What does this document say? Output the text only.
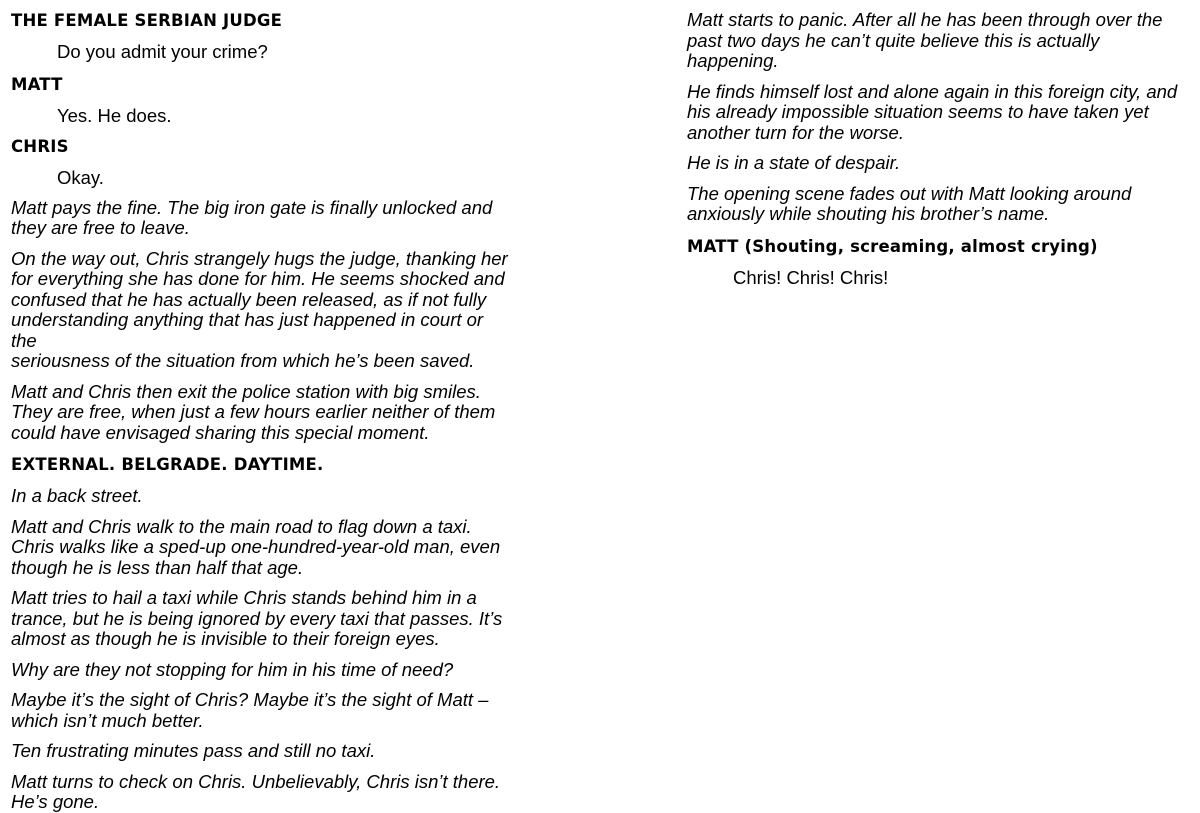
THE FEMALE SERBIAN JUDGE
Do you admit your crime?
MATT
Yes. He does.
CHRIS
Okay.
Matt pays the fine. The big iron gate is finally unlocked and
they are free to leave.
On the way out, Chris strangely hugs the judge, thanking her
for everything she has done for him. He seems shocked and
confused that he has actually been released, as if not fully
understanding anything that has just happened in court or the
seriousness of the situation from which he’s been saved.
Matt and Chris then exit the police station with big smiles.
They are free, when just a few hours earlier neither of them
could have envisaged sharing this special moment.
EXTERNAL. BELGRADE. DAYTIME.
In a back street.
Matt and Chris walk to the main road to flag down a taxi.
Chris walks like a sped-up one-hundred-year-old man, even
though he is less than half that age.
Matt tries to hail a taxi while Chris stands behind him in a
trance, but he is being ignored by every taxi that passes. It’s
almost as though he is invisible to their foreign eyes.
Why are they not stopping for him in his time of need?
Maybe it’s the sight of Chris? Maybe it’s the sight of Matt –
which isn’t much better.
Ten frustrating minutes pass and still no taxi.
Matt turns to check on Chris. Unbelievably, Chris isn’t there.
He’s gone.
Matt starts to panic. After all he has been through over the
past two days he can’t quite believe this is actually
happening.
He finds himself lost and alone again in this foreign city, and
his already impossible situation seems to have taken yet
another turn for the worse.
He is in a state of despair.
The opening scene fades out with Matt looking around
anxiously while shouting his brother’s name.
MATT (Shouting, screaming, almost crying)
Chris! Chris! Chris!
